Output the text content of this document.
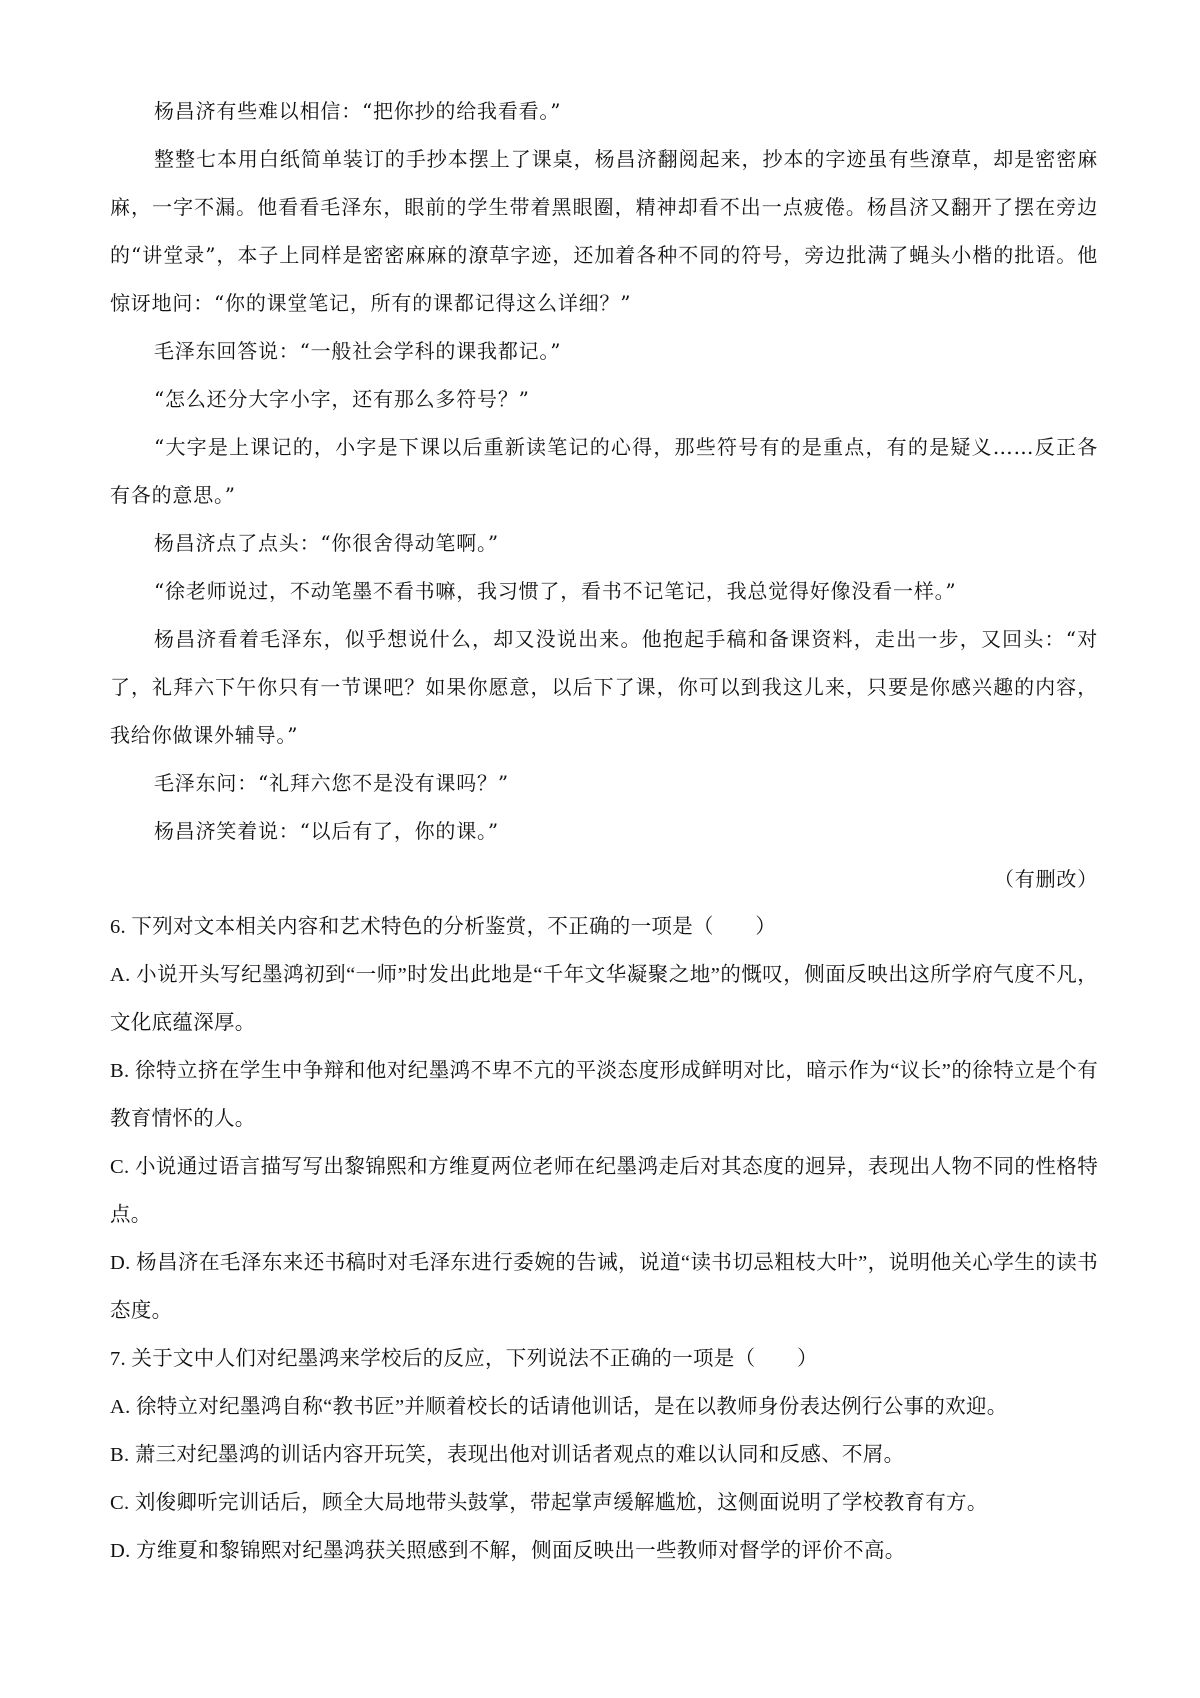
杨昌济有些难以相信：“把你抄的给我看看。”

整整七本用白纸简单装订的手抄本摆上了课桌，杨昌济翻阅起来，抄本的字迹虽有些潦草，却是密密麻麻，一字不漏。他看看毛泽东，眼前的学生带着黑眼圈，精神却看不出一点疲倦。杨昌济又翻开了摆在旁边的“讲堂录”，本子上同样是密密麻麻的潦草字迹，还加着各种不同的符号，旁边批满了蝇头小楷的批语。他惊讶地问：“你的课堂笔记，所有的课都记得这么详细？”

毛泽东回答说：“一般社会学科的课我都记。”

“怎么还分大字小字，还有那么多符号？”

“大字是上课记的，小字是下课以后重新读笔记的心得，那些符号有的是重点，有的是疑义……反正各有各的意思。”

杨昌济点了点头：“你很舍得动笔啊。”

“徐老师说过，不动笔墨不看书嘛，我习惯了，看书不记笔记，我总觉得好像没看一样。”

杨昌济看着毛泽东，似乎想说什么，却又没说出来。他抱起手稿和备课资料，走出一步，又回头：“对了，礼拜六下午你只有一节课吧？如果你愿意，以后下了课，你可以到我这儿来，只要是你感兴趣的内容，我给你做课外辅导。”

毛泽东问：“礼拜六您不是没有课吗？”

杨昌济笑着说：“以后有了，你的课。”

（有删改）

6. 下列对文本相关内容和艺术特色的分析鉴赏，不正确的一项是（　　）

A. 小说开头写纪墨鸿初到“一师”时发出此地是“千年文华凝聚之地”的慨叹，侧面反映出这所学府气度不凡，文化底蕴深厚。

B. 徐特立挤在学生中争辩和他对纪墨鸿不卑不亢的平淡态度形成鲜明对比，暗示作为“议长”的徐特立是个有教育情怀的人。

C. 小说通过语言描写写出黎锦熙和方维夏两位老师在纪墨鸿走后对其态度的迥异，表现出人物不同的性格特点。

D. 杨昌济在毛泽东来还书稿时对毛泽东进行委婉的告诫，说道“读书切忌粗枝大叶”，说明他关心学生的读书态度。

7. 关于文中人们对纪墨鸿来学校后的反应，下列说法不正确的一项是（　　）

A. 徐特立对纪墨鸿自称“教书匠”并顺着校长的话请他训话，是在以教师身份表达例行公事的欢迎。

B. 萧三对纪墨鸿的训话内容开玩笑，表现出他对训话者观点的难以认同和反感、不屑。

C. 刘俊卿听完训话后，顾全大局地带头鼓掌，带起掌声缓解尴尬，这侧面说明了学校教育有方。

D. 方维夏和黎锦熙对纪墨鸿获关照感到不解，侧面反映出一些教师对督学的评价不高。
